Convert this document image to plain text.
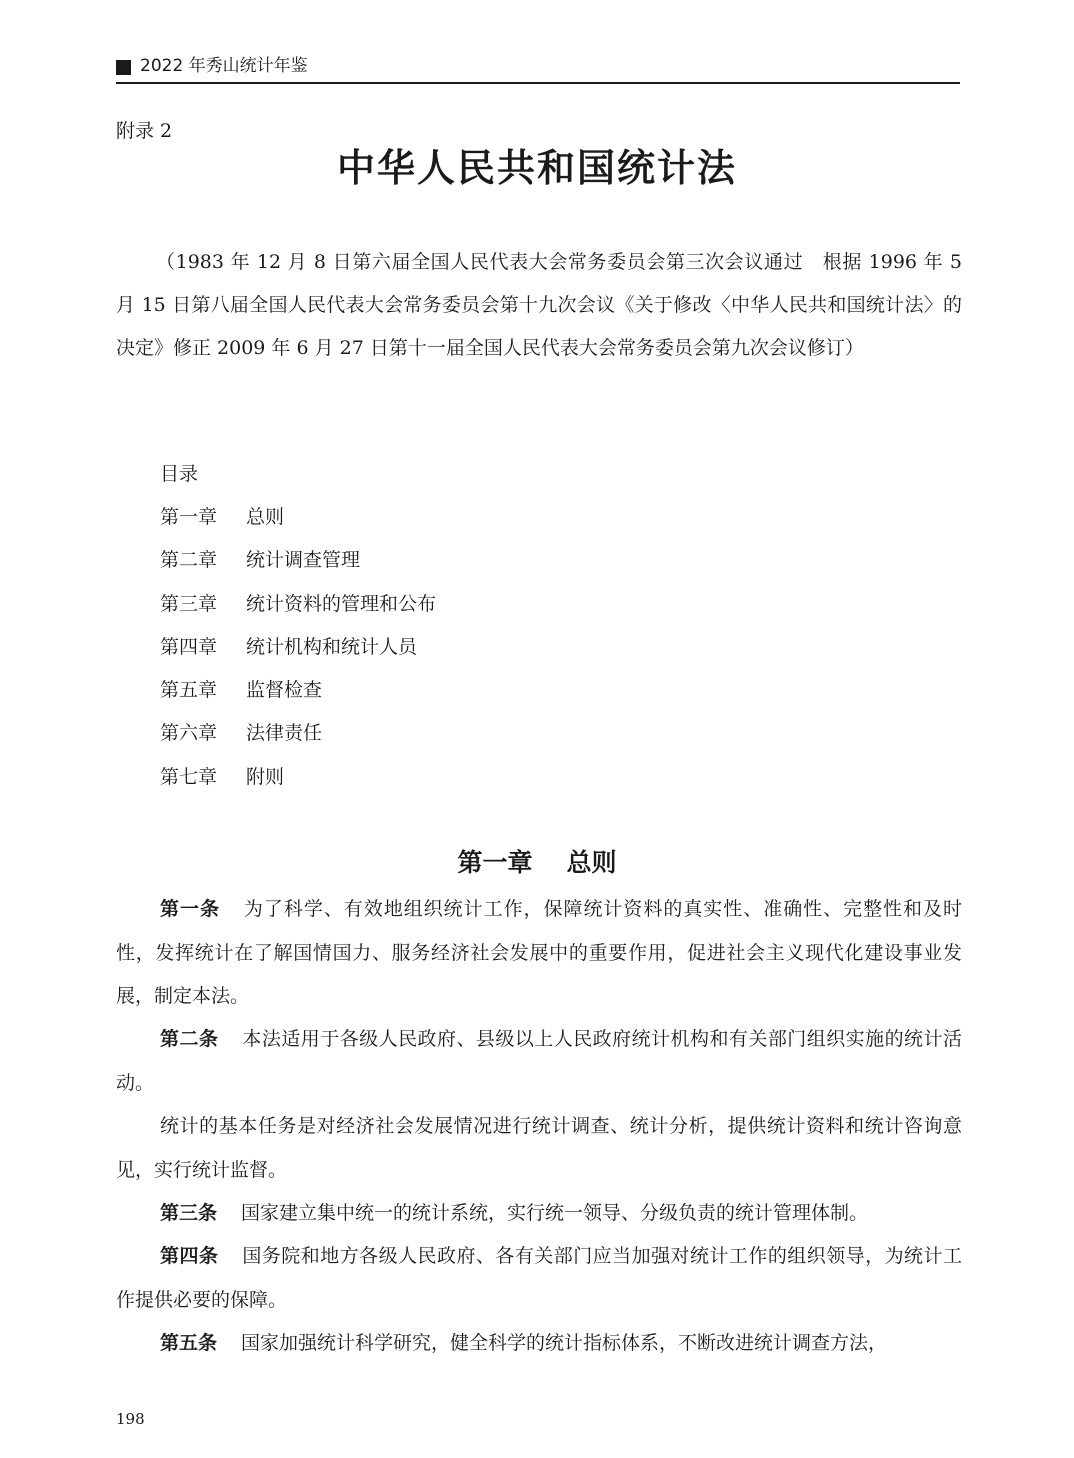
2022 年秀山统计年鉴
附录 2
中华人民共和国统计法

（1983 年 12 月 8 日第六届全国人民代表大会常务委员会第三次会议通过　根据 1996 年 5 月 15 日第八届全国人民代表大会常务委员会第十九次会议《关于修改〈中华人民共和国统计法〉的决定》修正 2009 年 6 月 27 日第十一届全国人民代表大会常务委员会第九次会议修订）

目录
第一章 总则
第二章 统计调查管理
第三章 统计资料的管理和公布
第四章 统计机构和统计人员
第五章 监督检查
第六章 法律责任
第七章 附则
第一章 总则

第一条 为了科学、有效地组织统计工作，保障统计资料的真实性、准确性、完整性和及时性，发挥统计在了解国情国力、服务经济社会发展中的重要作用，促进社会主义现代化建设事业发展，制定本法。

第二条 本法适用于各级人民政府、县级以上人民政府统计机构和有关部门组织实施的统计活动。

统计的基本任务是对经济社会发展情况进行统计调查、统计分析，提供统计资料和统计咨询意见，实行统计监督。

第三条 国家建立集中统一的统计系统，实行统一领导、分级负责的统计管理体制。

第四条 国务院和地方各级人民政府、各有关部门应当加强对统计工作的组织领导，为统计工作提供必要的保障。

第五条 国家加强统计科学研究，健全科学的统计指标体系，不断改进统计调查方法，

198
